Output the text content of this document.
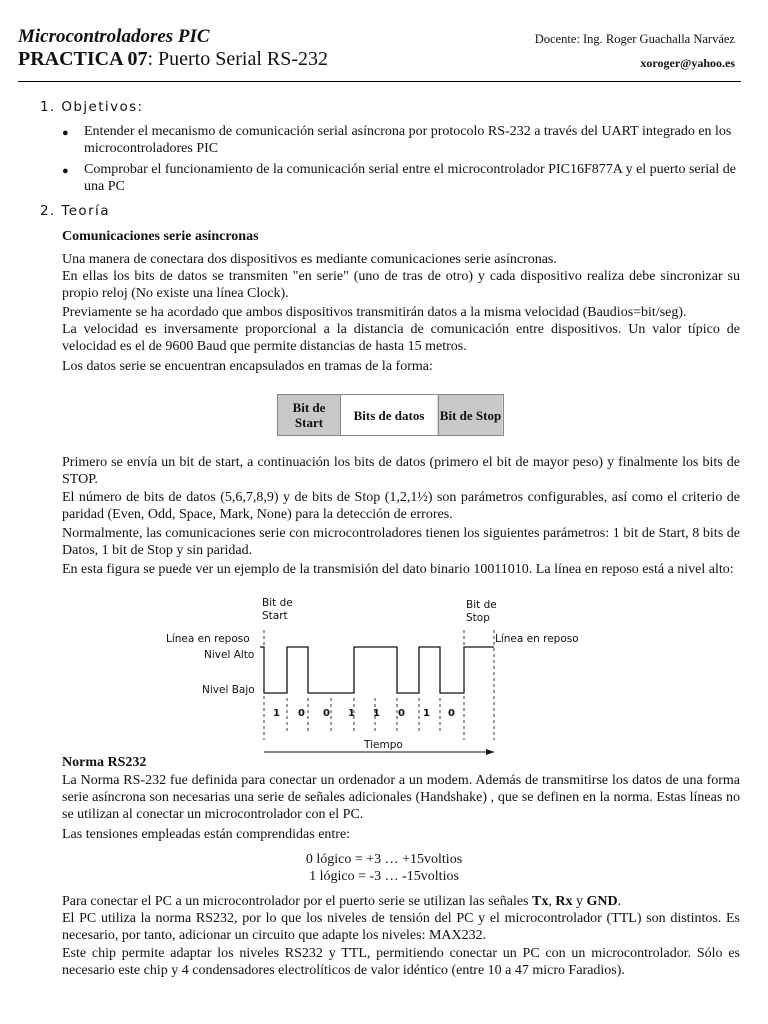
Microcontroladores PIC	Docente: Ing. Roger Guachalla Narváez
PRACTICA 07: Puerto Serial RS-232	xoroger@yahoo.es
1. Objetivos:
● Entender el mecanismo de comunicación serial asíncrona por protocolo RS-232 a través del UART integrado en los microcontroladores PIC
● Comprobar el funcionamiento de la comunicación serial entre el microcontrolador PIC16F877A y el puerto serial de una PC
2. Teoría
Comunicaciones serie asíncronas
Una manera de conectara dos dispositivos es mediante comunicaciones serie asíncronas.
En ellas los bits de datos se transmiten "en serie" (uno de tras de otro) y cada dispositivo realiza debe sincronizar su propio reloj (No existe una línea Clock).
Previamente se ha acordado que ambos dispositivos transmitirán datos a la misma velocidad (Baudios=bit/seg).
La velocidad es inversamente proporcional a la distancia de comunicación entre dispositivos. Un valor típico de velocidad es el de 9600 Baud que permite distancias de hasta 15 metros.
Los datos serie se encuentran encapsulados en tramas de la forma:
Bit de Start	Bits de datos	Bit de Stop
Primero se envía un bit de start, a continuación los bits de datos (primero el bit de mayor peso) y finalmente los bits de STOP.
El número de bits de datos (5,6,7,8,9) y de bits de Stop (1,2,1½) son parámetros configurables, así como el criterio de paridad (Even, Odd, Space, Mark, None) para la detección de errores.
Normalmente, las comunicaciones serie con microcontroladores tienen los siguientes parámetros: 1 bit de Start, 8 bits de Datos, 1 bit de Stop y sin paridad.
En esta figura se puede ver un ejemplo de la transmisión del dato binario 10011010. La línea en reposo está a nivel alto:
Bit de
Start
Bit de
Stop
Línea en reposo	Línea en reposo
Nivel Alto
Nivel Bajo
1 0 0 1 1 0 1 0
Tiempo
Norma RS232
La Norma RS-232 fue definida para conectar un ordenador a un modem. Además de transmitirse los datos de una forma serie asíncrona son necesarias una serie de señales adicionales (Handshake) , que se definen en la norma. Estas líneas no se utilizan al conectar un microcontrolador con el PC.
Las tensiones empleadas están comprendidas entre:
0 lógico = +3 … +15voltios
1 lógico = -3 … -15voltios
Para conectar el PC a un microcontrolador por el puerto serie se utilizan las señales Tx, Rx y GND.
El PC utiliza la norma RS232, por lo que los niveles de tensión del PC y el microcontrolador (TTL) son distintos. Es necesario, por tanto, adicionar un circuito que adapte los niveles: MAX232.
Este chip permite adaptar los niveles RS232 y TTL, permitiendo conectar un PC con un microcontrolador. Sólo es necesario este chip y 4 condensadores electrolíticos de valor idéntico (entre 10 a 47 micro Faradios).
